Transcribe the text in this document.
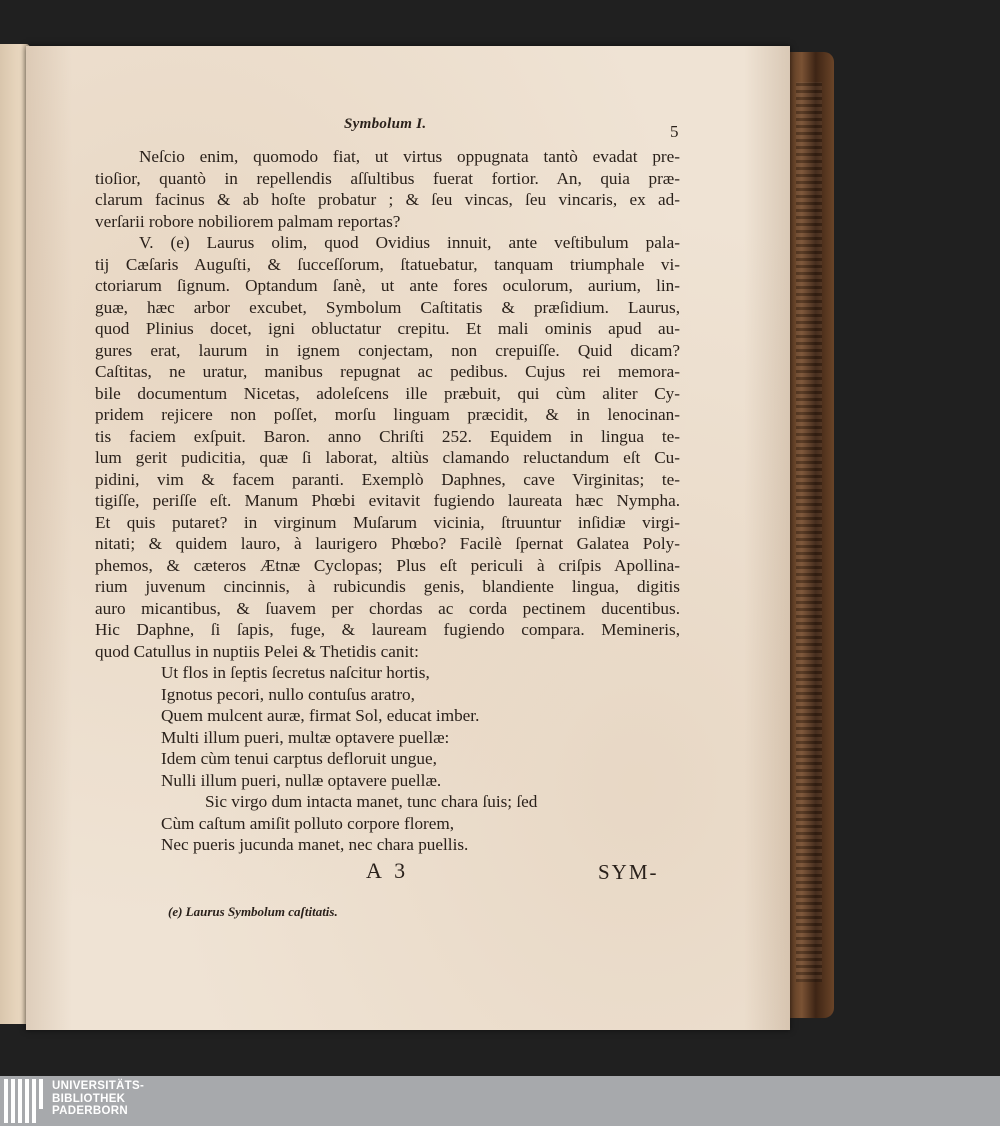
Symbolum I.	5
Neſcio enim, quomodo fiat, ut virtus oppugnata tantò evadat pre-
tioſior, quantò in repellendis aſſultibus fuerat fortior. An, quia præ-
clarum facinus & ab hoſte probatur ; & ſeu vincas, ſeu vincaris, ex ad-
verſarii robore nobiliorem palmam reportas?
V. (e) Laurus olim, quod Ovidius innuit, ante veſtibulum pala-
tij Cæſaris Auguſti, & ſucceſſorum, ſtatuebatur, tanquam triumphale vi-
ctoriarum ſignum. Optandum ſanè, ut ante fores oculorum, aurium, lin-
guæ, hæc arbor excubet, Symbolum Caſtitatis & præſidium. Laurus,
quod Plinius docet, igni obluctatur crepitu. Et mali ominis apud au-
gures erat, laurum in ignem conjectam, non crepuiſſe. Quid dicam?
Caſtitas, ne uratur, manibus repugnat ac pedibus. Cujus rei memora-
bile documentum Nicetas, adoleſcens ille præbuit, qui cùm aliter Cy-
pridem rejicere non poſſet, morſu linguam præcidit, & in lenocinan-
tis faciem exſpuit. Baron. anno Chriſti 252. Equidem in lingua te-
lum gerit pudicitia, quæ ſi laborat, altiùs clamando reluctandum eſt Cu-
pidini, vim & facem paranti. Exemplò Daphnes, cave Virginitas; te-
tigiſſe, periſſe eſt. Manum Phœbi evitavit fugiendo laureata hæc Nympha.
Et quis putaret? in virginum Muſarum vicinia, ſtruuntur inſidiæ virgi-
nitati; & quidem lauro, à laurigero Phœbo? Facilè ſpernat Galatea Poly-
phemos, & cæteros Ætnæ Cyclopas; Plus eſt periculi à criſpis Apollina-
rium juvenum cincinnis, à rubicundis genis, blandiente lingua, digitis
auro micantibus, & ſuavem per chordas ac corda pectinem ducentibus.
Hic Daphne, ſi ſapis, fuge, & lauream fugiendo compara. Memineris,
quod Catullus in nuptiis Pelei & Thetidis canit:
Ut flos in ſeptis ſecretus naſcitur hortis,
Ignotus pecori, nullo contuſus aratro,
Quem mulcent auræ, firmat Sol, educat imber.
Multi illum pueri, multæ optavere puellæ:
Idem cùm tenui carptus defloruit ungue,
Nulli illum pueri, nullæ optavere puellæ.
Sic virgo dum intacta manet, tunc chara ſuis; ſed
Cùm caſtum amiſit polluto corpore florem,
Nec pueris jucunda manet, nec chara puellis.
A 3	SYM-
(e) Laurus Symbolum caſtitatis.
UNIVERSITÄTS-
BIBLIOTHEK
PADERBORN
